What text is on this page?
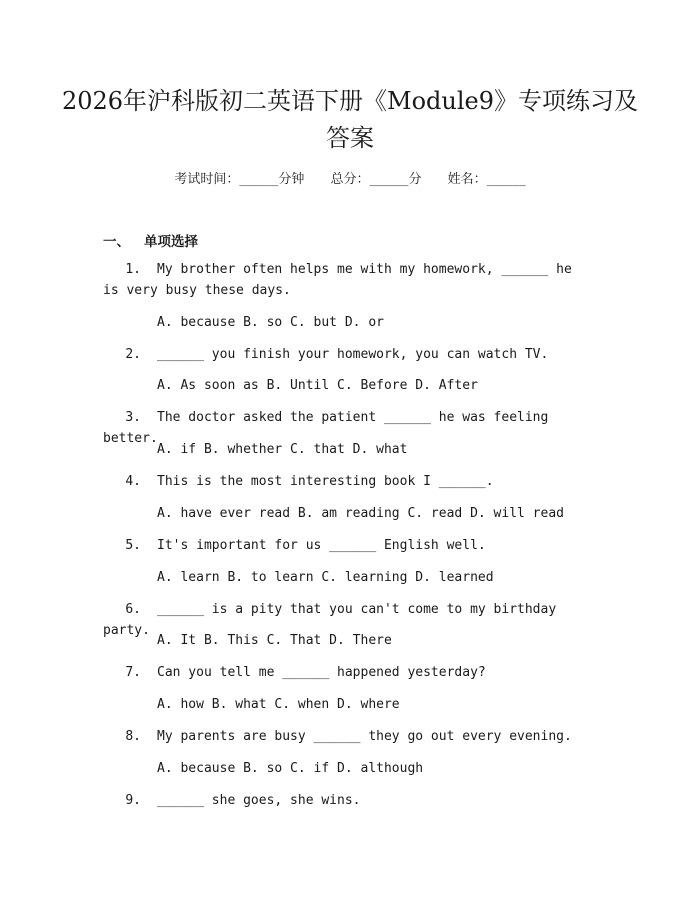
2026年沪科版初二英语下册《Module9》专项练习及答案
考试时间：______分钟 总分：______分 姓名：______
一、 单项选择
1 . My brother often helps me with my homework, ______ he is very busy these days.
A. because B. so C. but D. or
2 . ______ you finish your homework, you can watch TV.
A. As soon as B. Until C. Before D. After
3 . The doctor asked the patient ______ he was feeling better.
A. if B. whether C. that D. what
4 . This is the most interesting book I ______.
A. have ever read B. am reading C. read D. will read
5 . It's important for us ______ English well.
A. learn B. to learn C. learning D. learned
6 . ______ is a pity that you can't come to my birthday party.
A. It B. This C. That D. There
7 . Can you tell me ______ happened yesterday?
A. how B. what C. when D. where
8 . My parents are busy ______ they go out every evening.
A. because B. so C. if D. although
9 . ______ she goes, she wins.
